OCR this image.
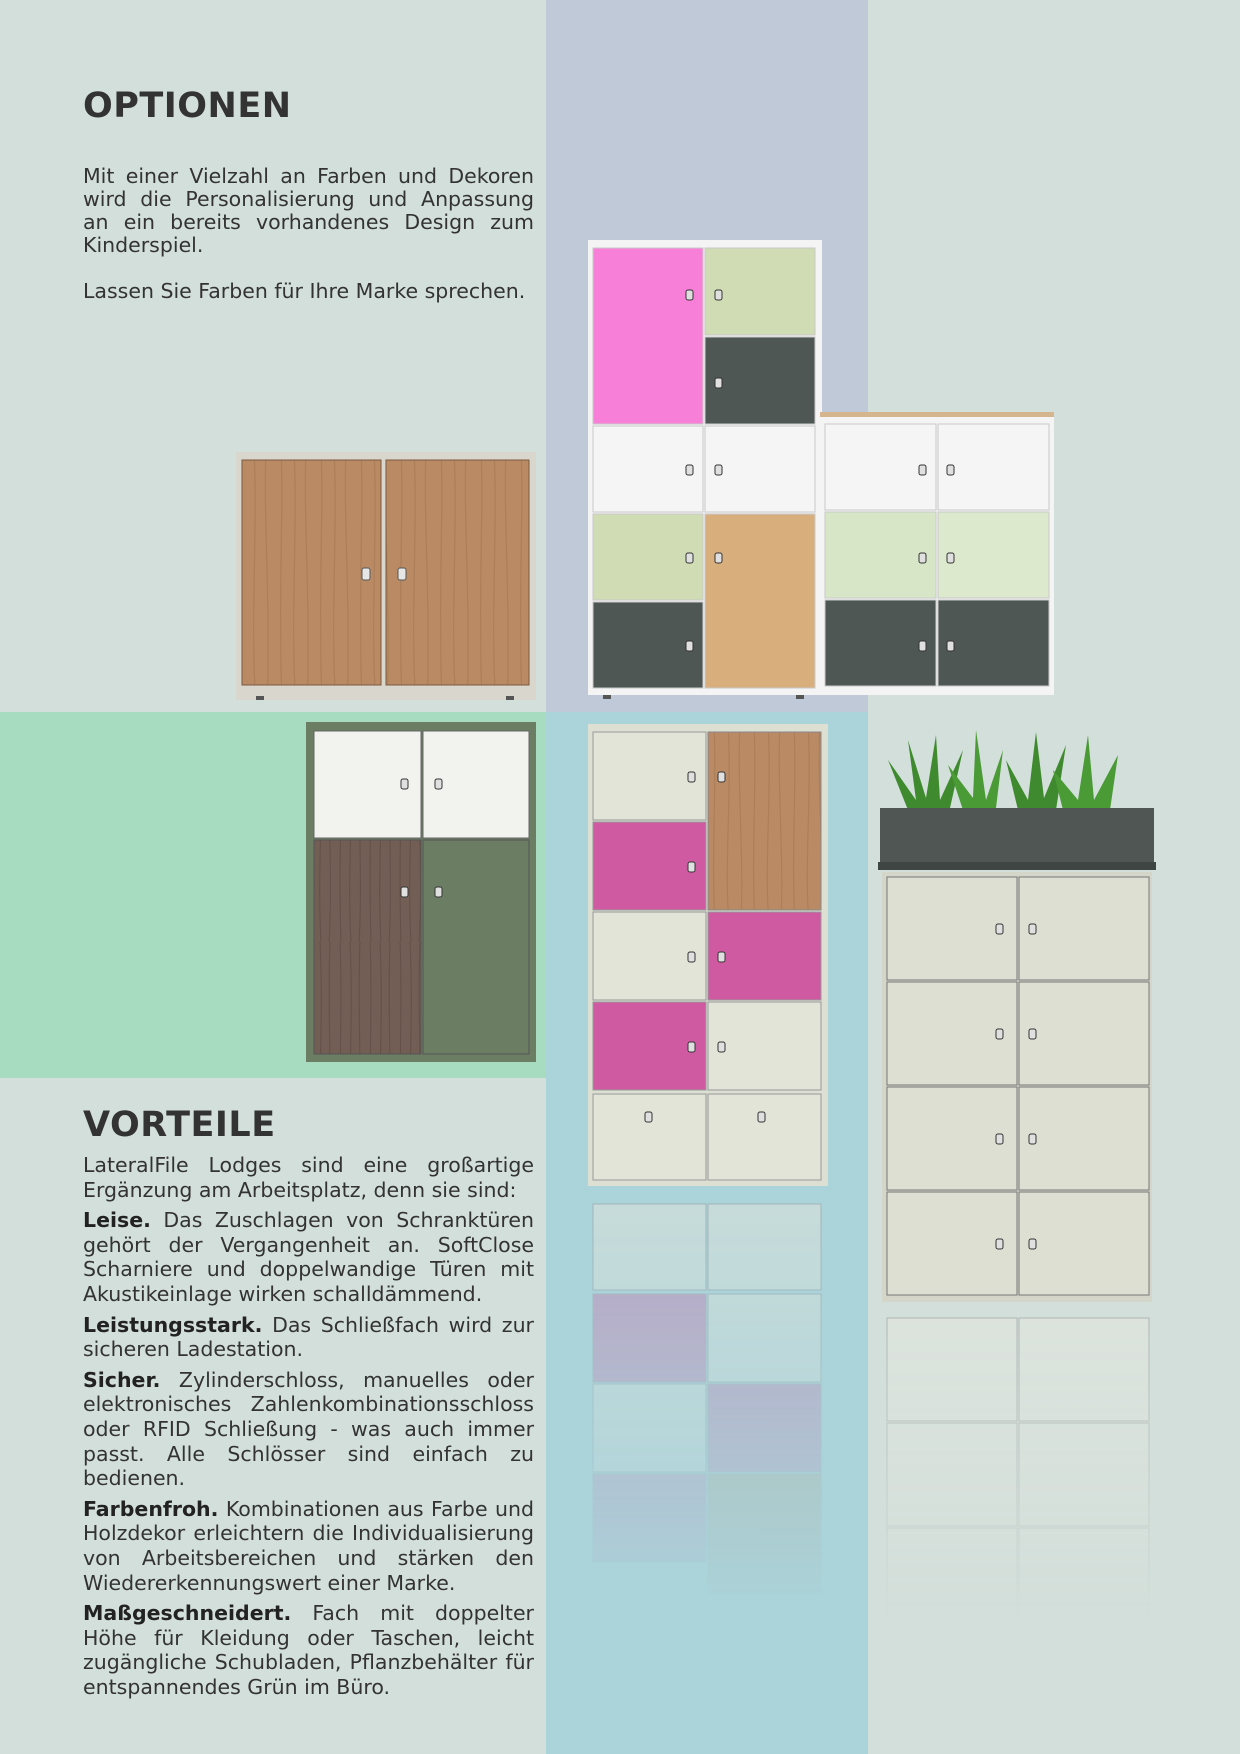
OPTIONEN

Mit einer Vielzahl an Farben und Dekoren wird die Personalisierung und Anpassung an ein bereits vorhandenes Design zum Kinderspiel.

Lassen Sie Farben für Ihre Marke sprechen.

VORTEILE

LateralFile Lodges sind eine großartige Ergänzung am Arbeitsplatz, denn sie sind:

Leise. Das Zuschlagen von Schranktüren gehört der Vergangenheit an. SoftClose Scharniere und doppelwandige Türen mit Akustikeinlage wirken schalldämmend.

Leistungsstark. Das Schließfach wird zur sicheren Ladestation.

Sicher. Zylinderschloss, manuelles oder elektronisches Zahlenkombinationsschloss oder RFID Schließung - was auch immer passt. Alle Schlösser sind einfach zu bedienen.

Farbenfroh. Kombinationen aus Farbe und Holzdekor erleichtern die Individualisierung von Arbeitsbereichen und stärken den Wiedererkennungswert einer Marke.

Maßgeschneidert. Fach mit doppelter Höhe für Kleidung oder Taschen, leicht zugängliche Schubladen, Pflanzbehälter für entspannendes Grün im Büro.
